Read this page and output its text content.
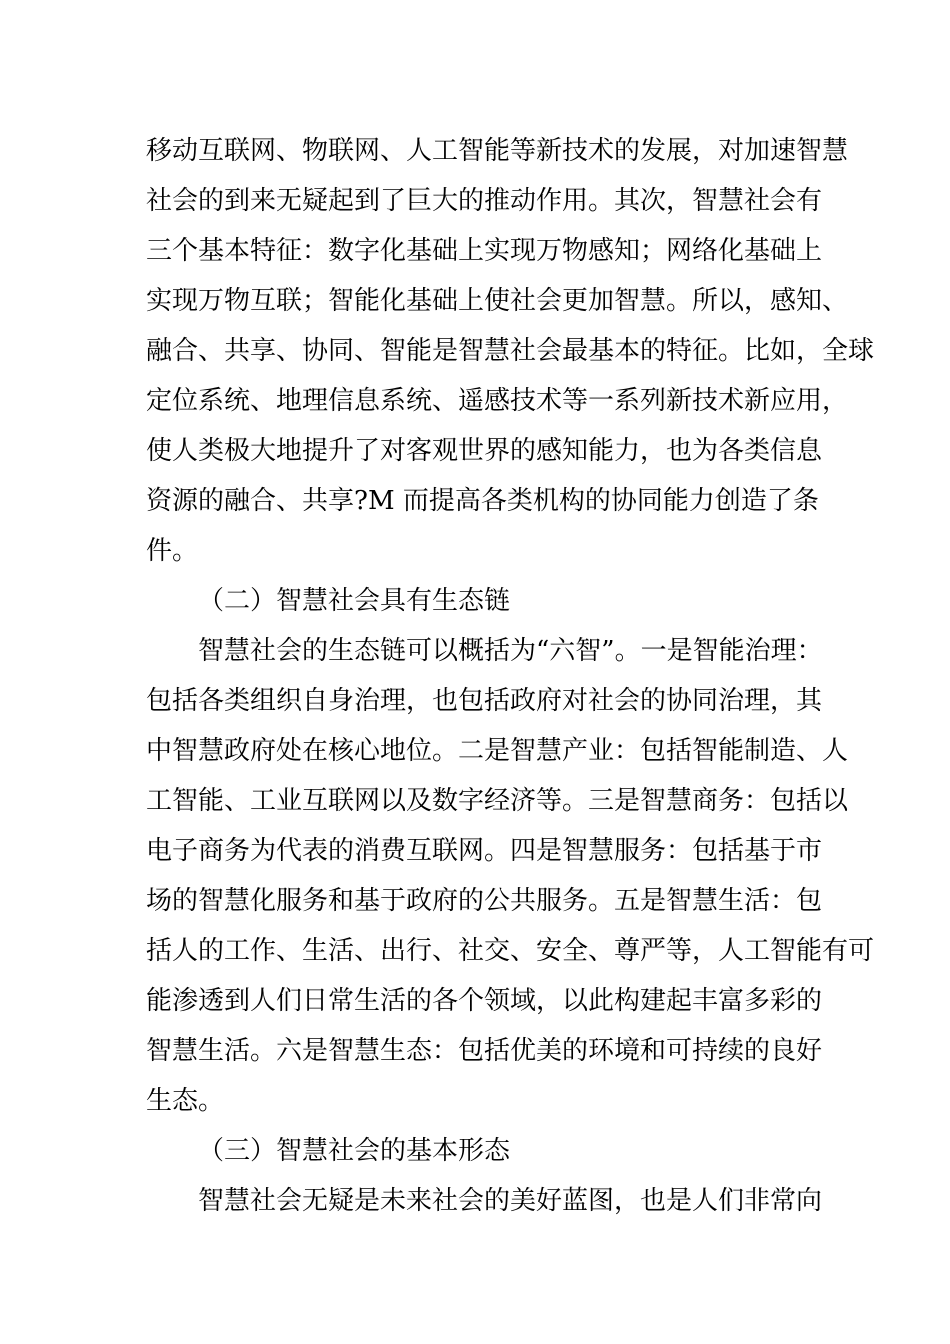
移动互联网、物联网、人工智能等新技术的发展，对加速智慧
社会的到来无疑起到了巨大的推动作用。其次，智慧社会有
三个基本特征：数字化基础上实现万物感知；网络化基础上
实现万物互联；智能化基础上使社会更加智慧。所以，感知、
融合、共享、协同、智能是智慧社会最基本的特征。比如，全球
定位系统、地理信息系统、遥感技术等一系列新技术新应用，
使人类极大地提升了对客观世界的感知能力，也为各类信息
资源的融合、共享?M 而提高各类机构的协同能力创造了条
件。
（二）智慧社会具有生态链
智慧社会的生态链可以概括为“六智”。一是智能治理：
包括各类组织自身治理，也包括政府对社会的协同治理，其
中智慧政府处在核心地位。二是智慧产业：包括智能制造、人
工智能、工业互联网以及数字经济等。三是智慧商务：包括以
电子商务为代表的消费互联网。四是智慧服务：包括基于市
场的智慧化服务和基于政府的公共服务。五是智慧生活：包
括人的工作、生活、出行、社交、安全、尊严等，人工智能有可
能渗透到人们日常生活的各个领域，以此构建起丰富多彩的
智慧生活。六是智慧生态：包括优美的环境和可持续的良好
生态。
（三）智慧社会的基本形态
智慧社会无疑是未来社会的美好蓝图，也是人们非常向
